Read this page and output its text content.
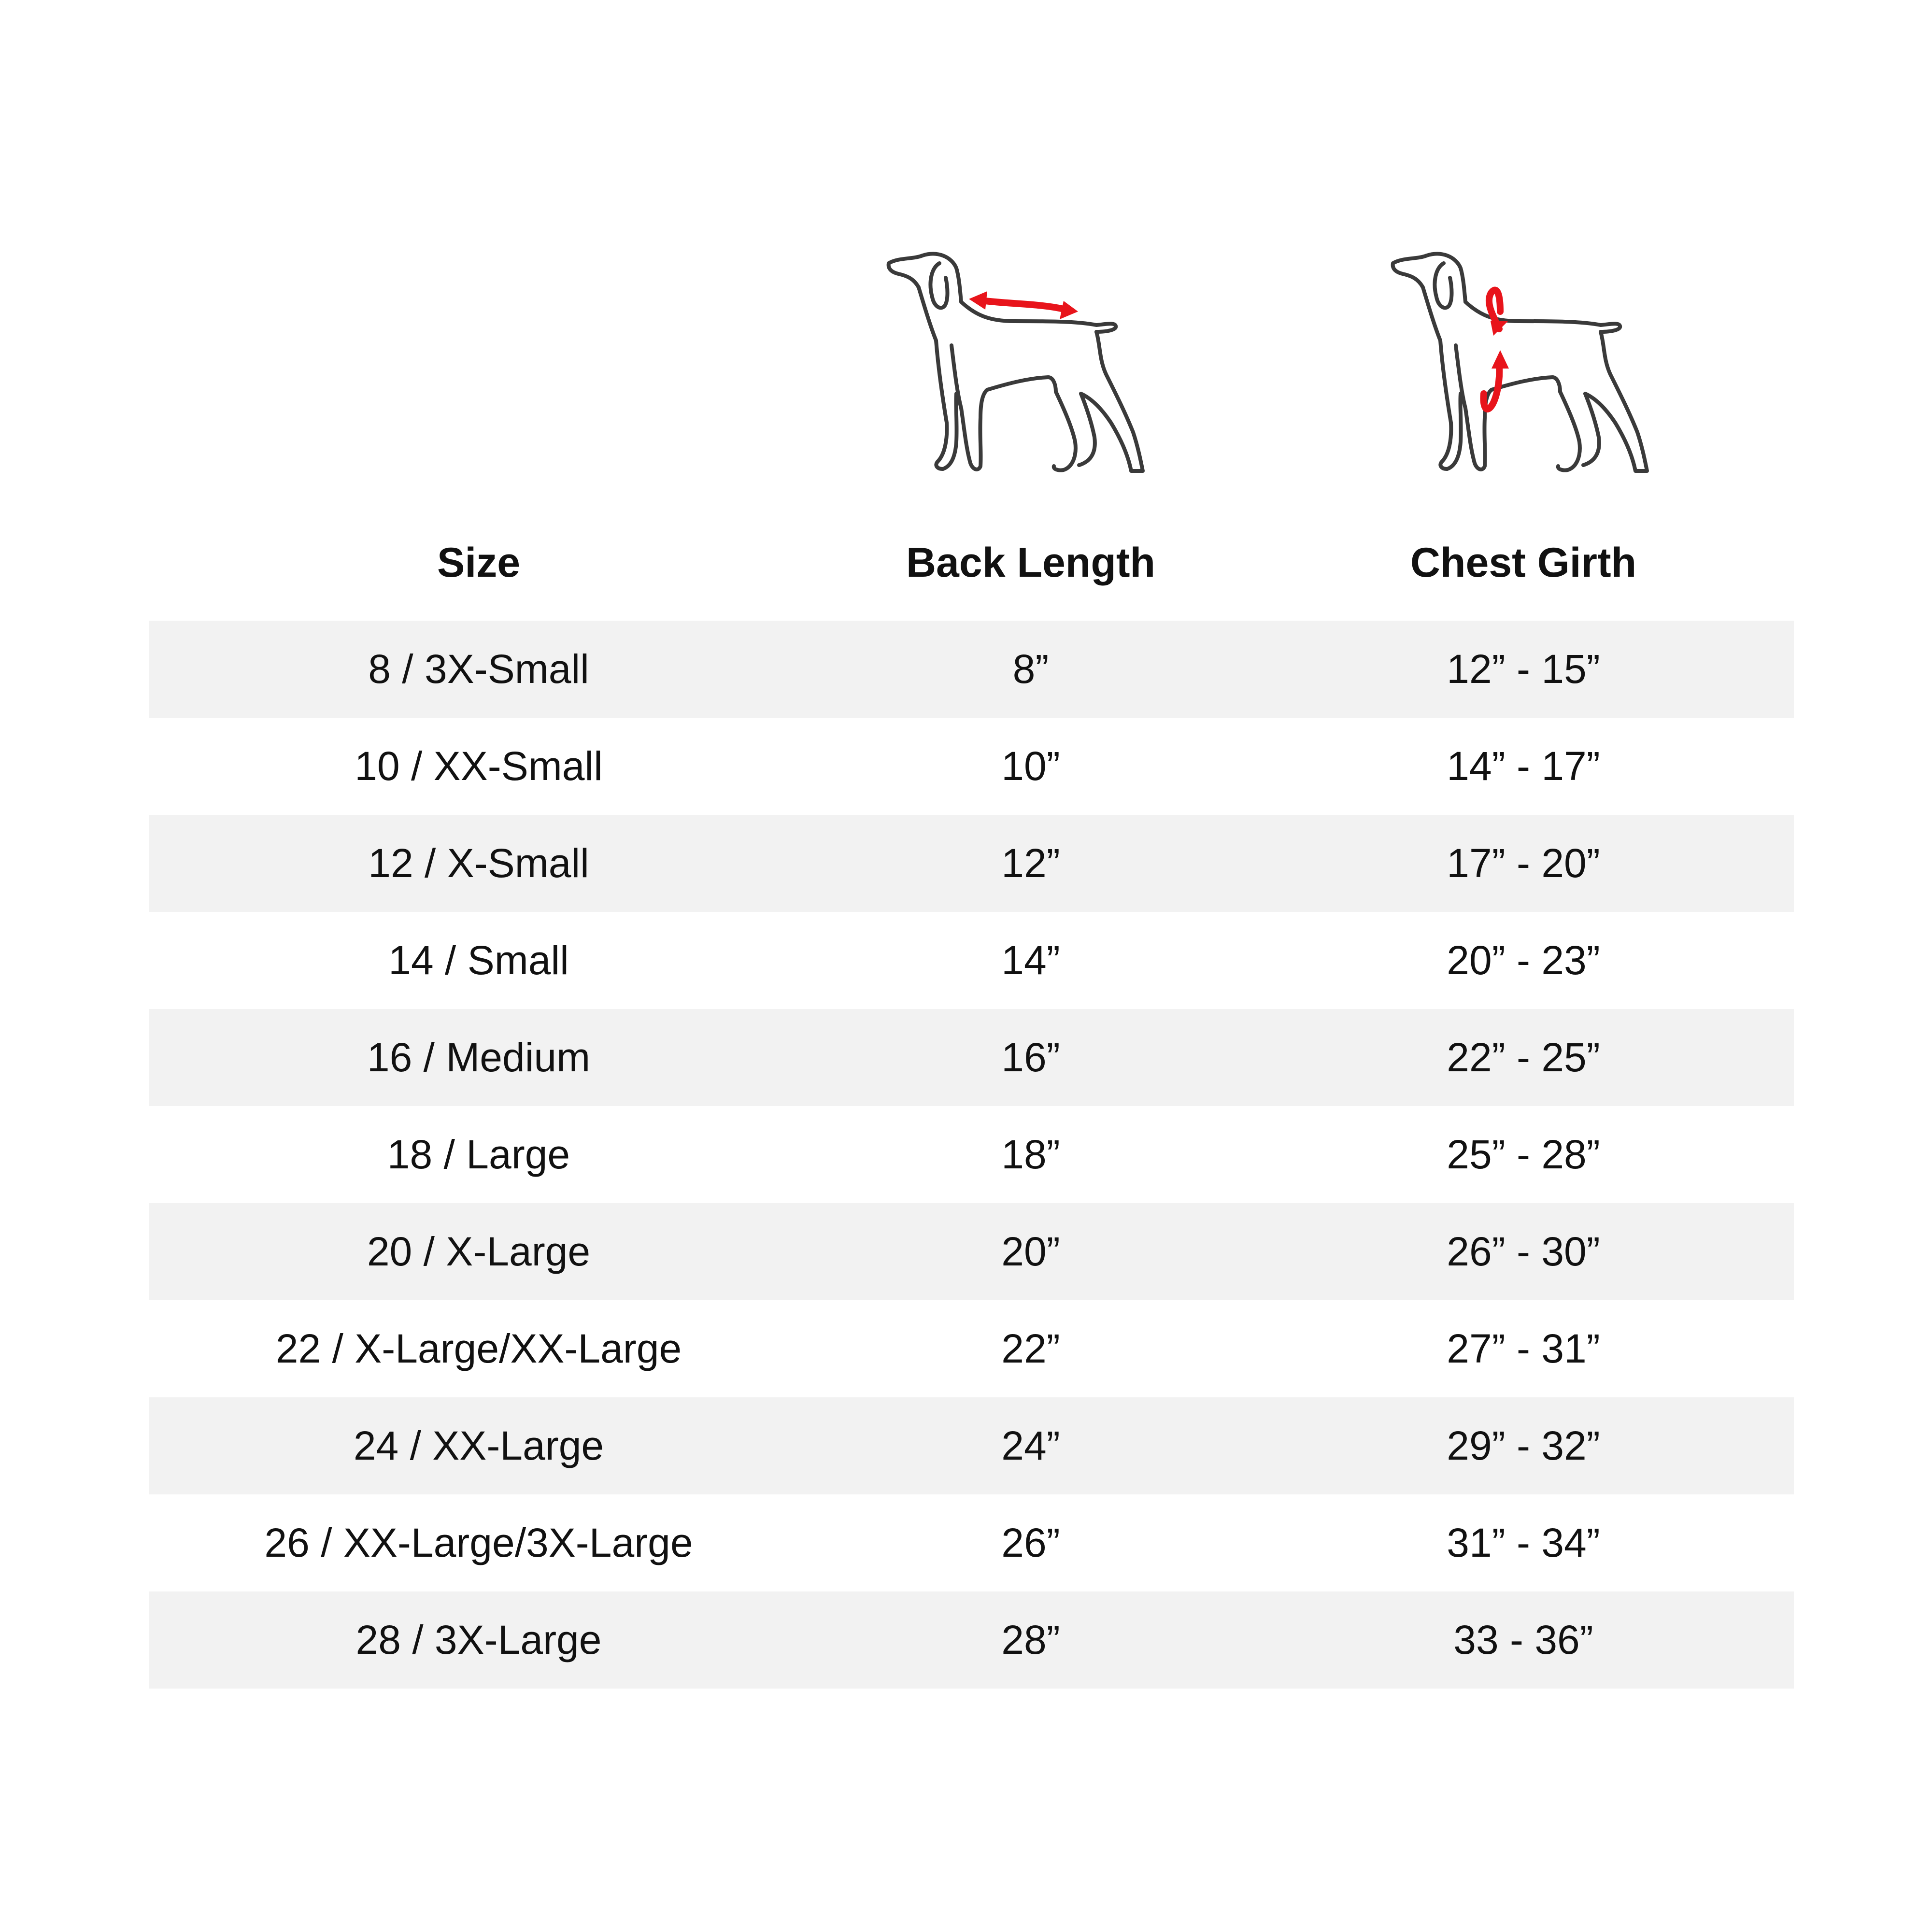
Size	Back Length	Chest Girth
8 / 3X-Small	8”	12” - 15”
10 / XX-Small	10”	14” - 17”
12 / X-Small	12”	17” - 20”
14 / Small	14”	20” - 23”
16 / Medium	16”	22” - 25”
18 / Large	18”	25” - 28”
20 / X-Large	20”	26” - 30”
22 / X-Large/XX-Large	22”	27” - 31”
24 / XX-Large	24”	29” - 32”
26 / XX-Large/3X-Large	26”	31” - 34”
28 / 3X-Large	28”	33 - 36”
